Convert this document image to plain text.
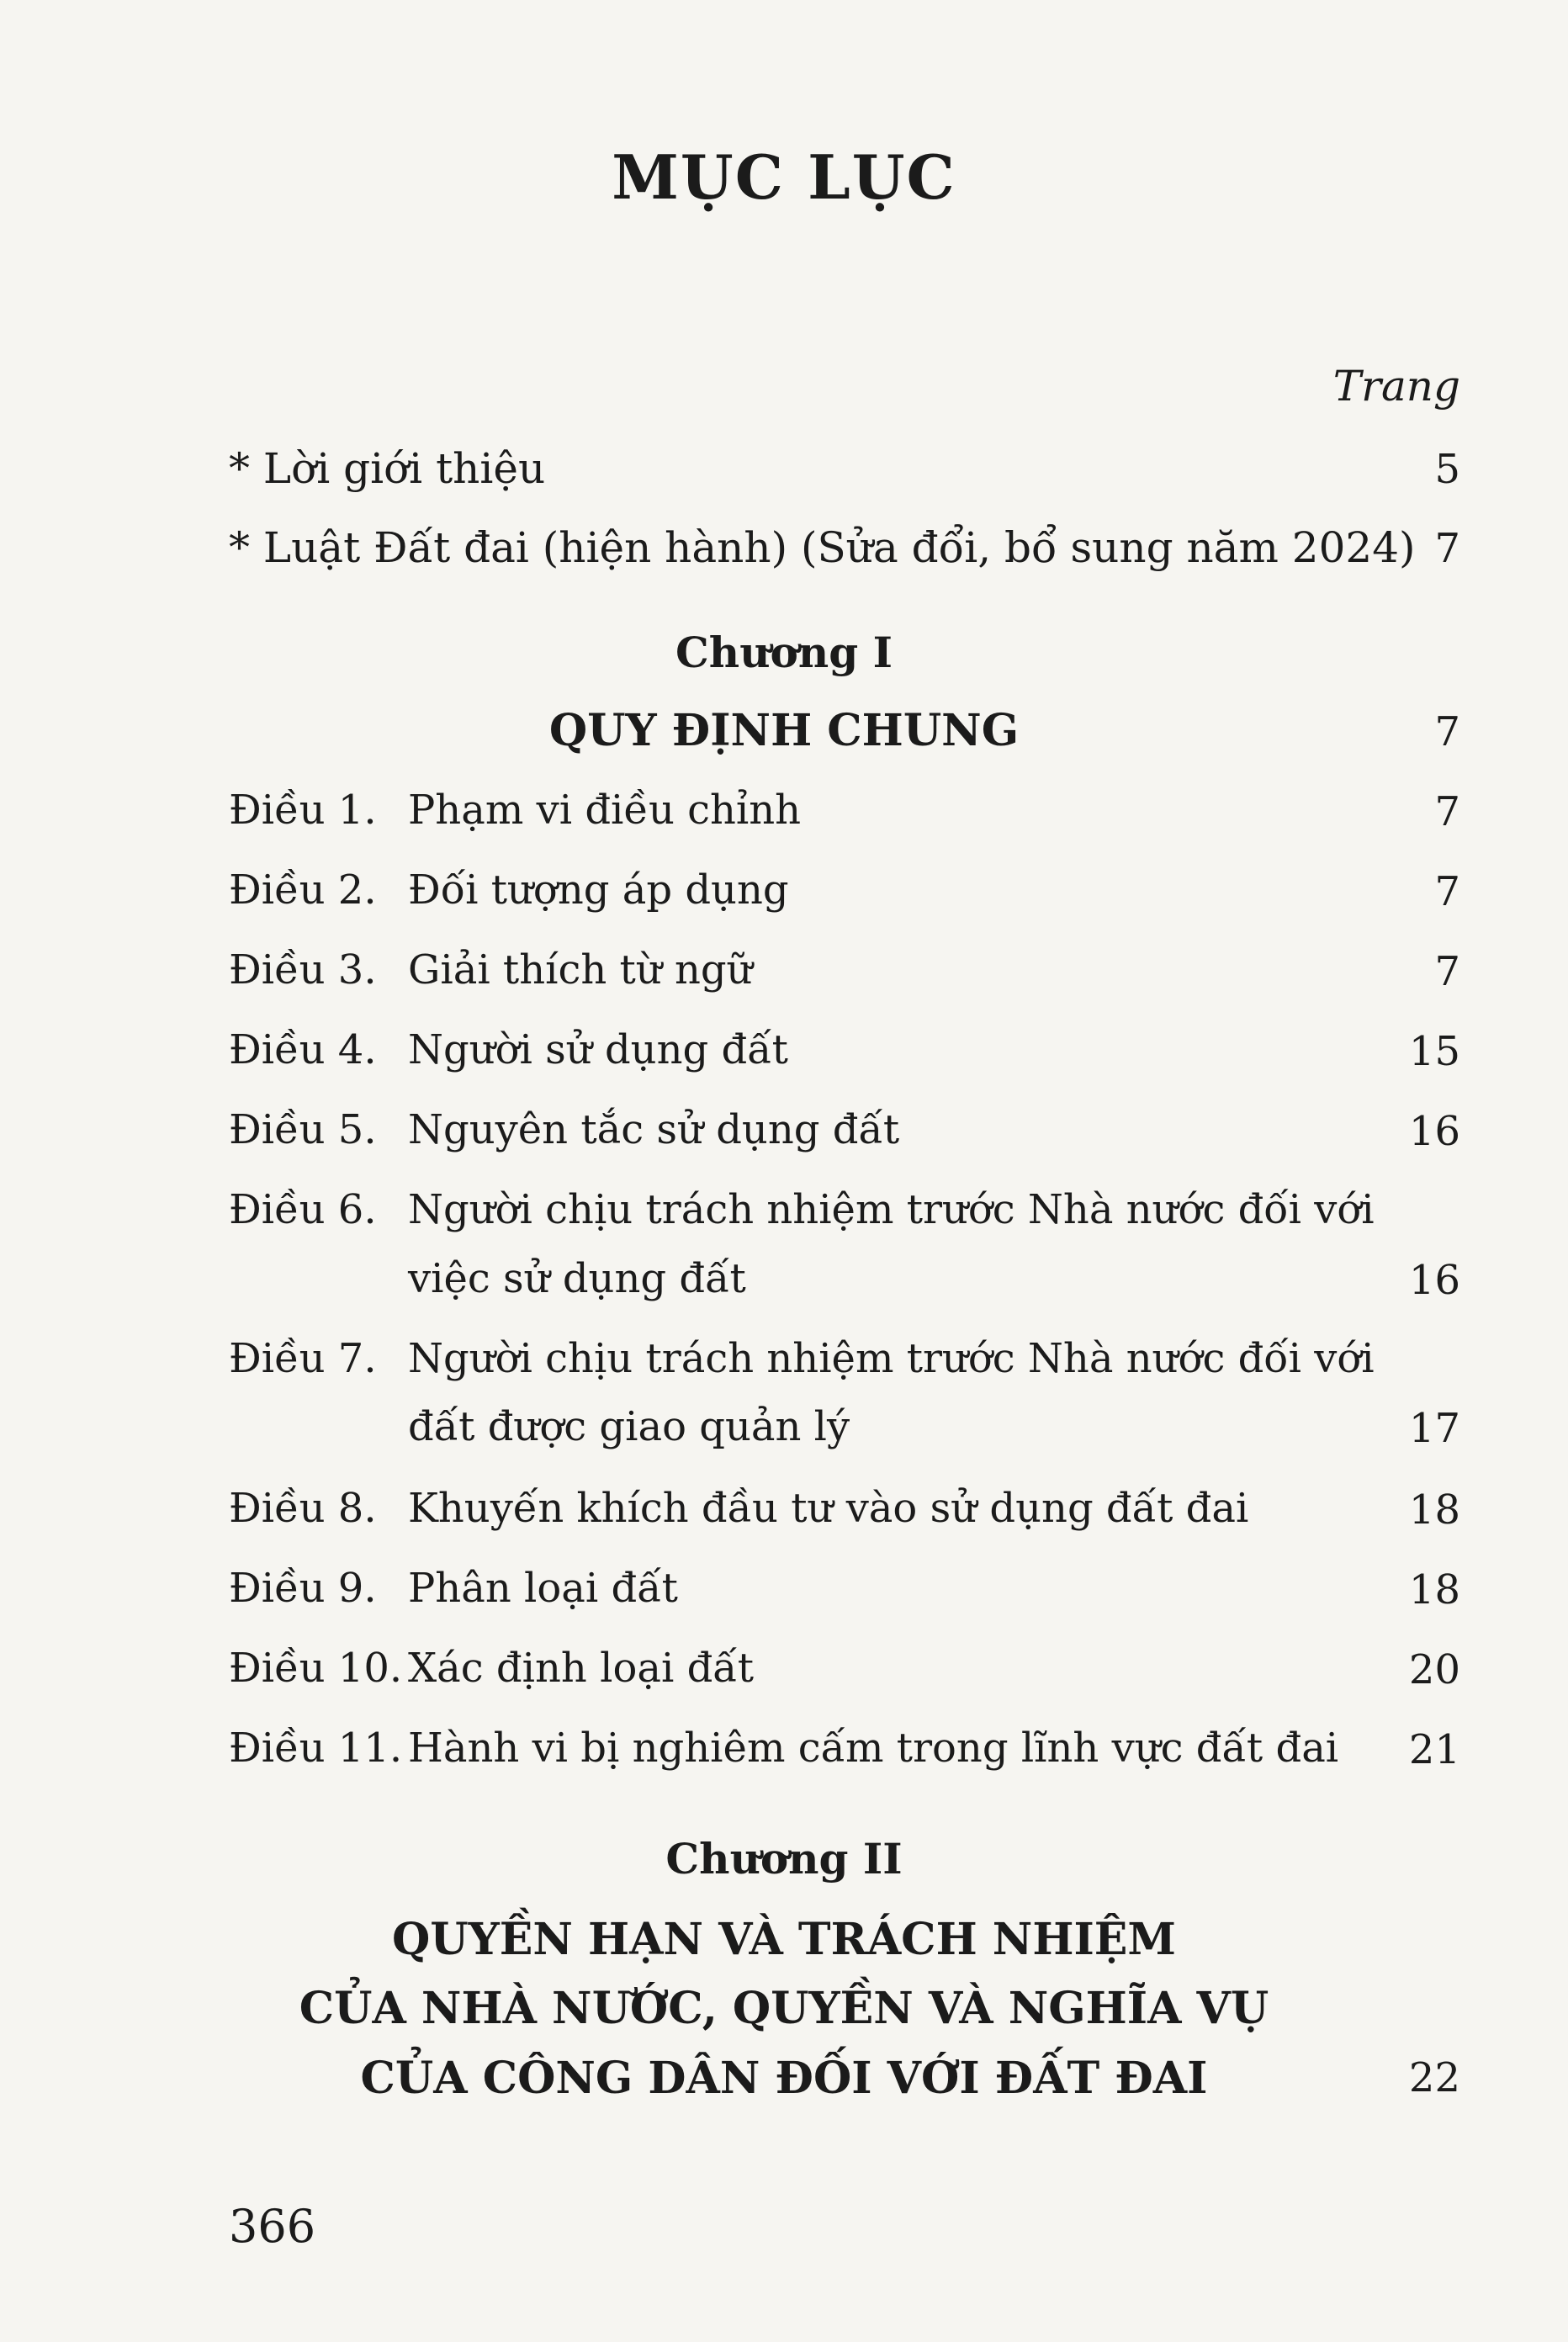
MỤC LỤC
Trang
* Lời giới thiệu	5
* Luật Đất đai (hiện hành) (Sửa đổi, bổ sung năm 2024) 7
Chương I
QUY ĐỊNH CHUNG	7
Điều 1. Phạm vi điều chỉnh	7
Điều 2. Đối tượng áp dụng	7
Điều 3. Giải thích từ ngữ	7
Điều 4. Người sử dụng đất	15
Điều 5. Nguyên tắc sử dụng đất	16
Điều 6. Người chịu trách nhiệm trước Nhà nước đối với
việc sử dụng đất	16
Điều 7. Người chịu trách nhiệm trước Nhà nước đối với
đất được giao quản lý	17
Điều 8. Khuyến khích đầu tư vào sử dụng đất đai	18
Điều 9. Phân loại đất	18
Điều 10. Xác định loại đất	20
Điều 11. Hành vi bị nghiêm cấm trong lĩnh vực đất đai 21
Chương II
QUYỀN HẠN VÀ TRÁCH NHIỆM
CỦA NHÀ NƯỚC, QUYỀN VÀ NGHĨA VỤ
CỦA CÔNG DÂN ĐỐI VỚI ĐẤT ĐAI	22
366
